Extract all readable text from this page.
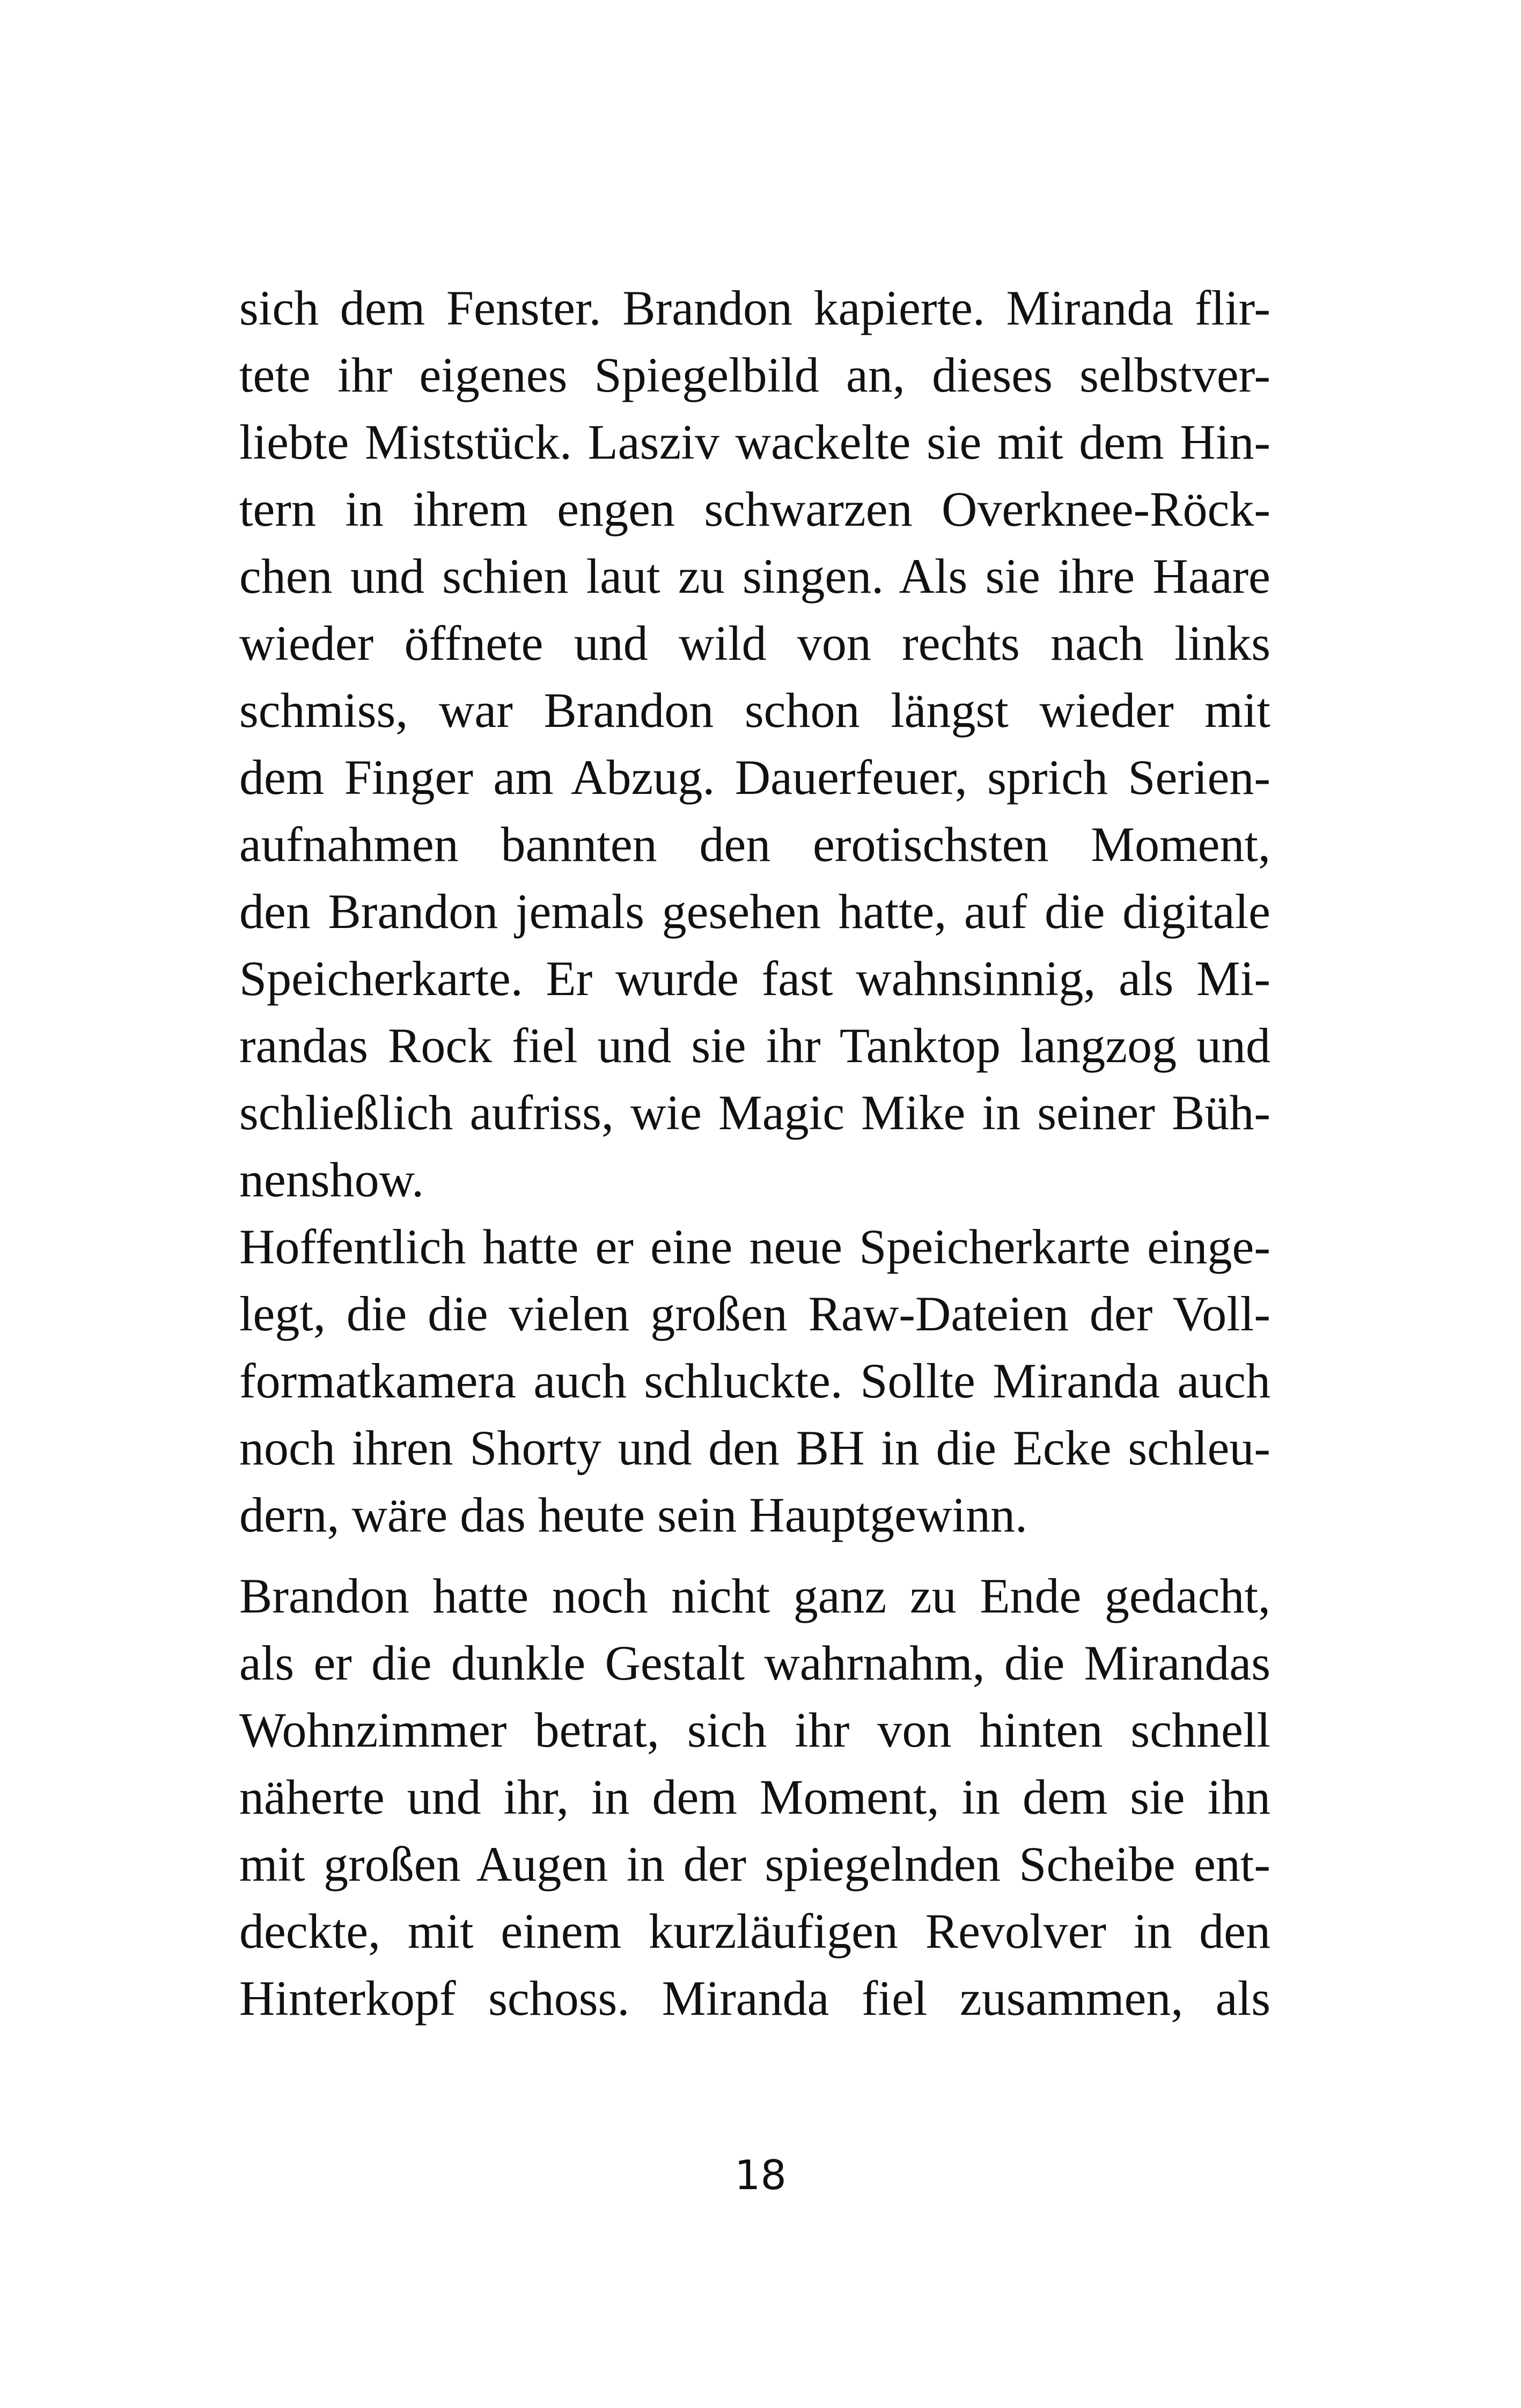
sich dem Fenster. Brandon kapierte. Miranda flir-
tete ihr eigenes Spiegelbild an, dieses selbstver-
liebte Miststück. Lasziv wackelte sie mit dem Hin-
tern in ihrem engen schwarzen Overknee-Röck-
chen und schien laut zu singen. Als sie ihre Haare
wieder öffnete und wild von rechts nach links
schmiss, war Brandon schon längst wieder mit
dem Finger am Abzug. Dauerfeuer, sprich Serien-
aufnahmen bannten den erotischsten Moment,
den Brandon jemals gesehen hatte, auf die digitale
Speicherkarte. Er wurde fast wahnsinnig, als Mi-
randas Rock fiel und sie ihr Tanktop langzog und
schließlich aufriss, wie Magic Mike in seiner Büh-
nenshow.
Hoffentlich hatte er eine neue Speicherkarte einge-
legt, die die vielen großen Raw-Dateien der Voll-
formatkamera auch schluckte. Sollte Miranda auch
noch ihren Shorty und den BH in die Ecke schleu-
dern, wäre das heute sein Hauptgewinn.
Brandon hatte noch nicht ganz zu Ende gedacht,
als er die dunkle Gestalt wahrnahm, die Mirandas
Wohnzimmer betrat, sich ihr von hinten schnell
näherte und ihr, in dem Moment, in dem sie ihn
mit großen Augen in der spiegelnden Scheibe ent-
deckte, mit einem kurzläufigen Revolver in den
Hinterkopf schoss. Miranda fiel zusammen, als
18
